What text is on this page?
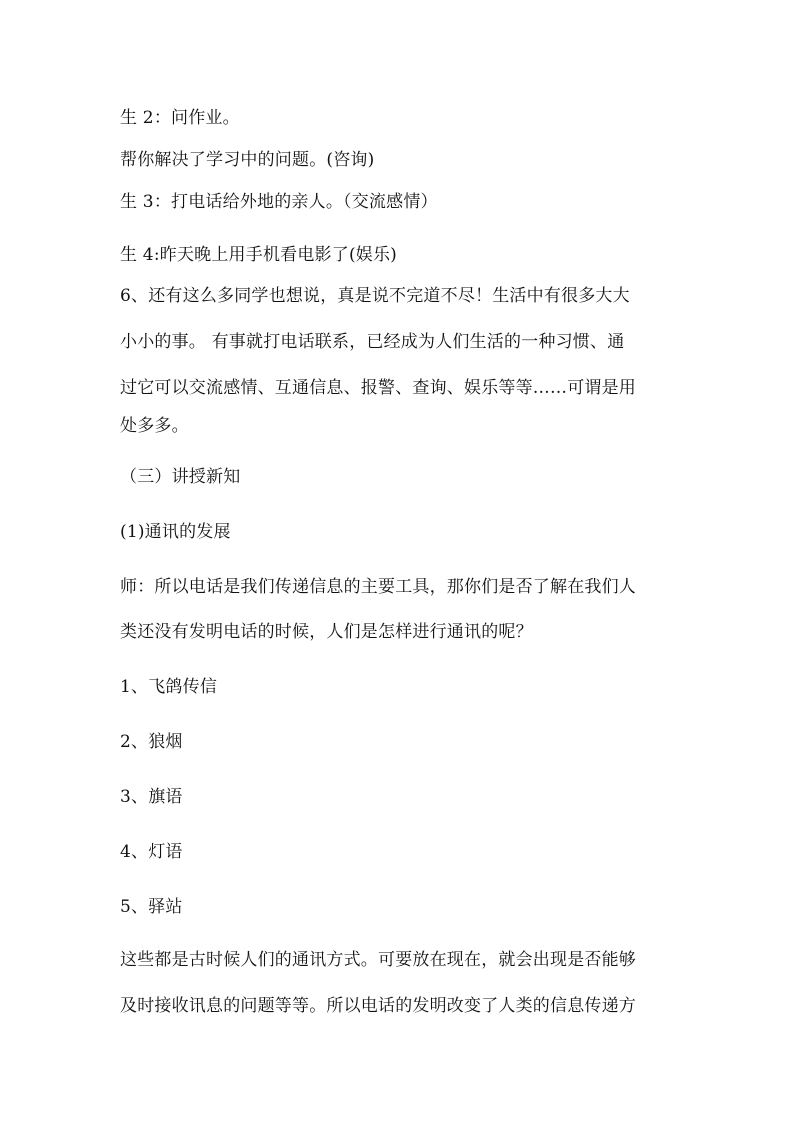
生 2：问作业。
帮你解决了学习中的问题。(咨询)
生 3：打电话给外地的亲人。（交流感情）
生 4:昨天晚上用手机看电影了(娱乐)
6、还有这么多同学也想说，真是说不完道不尽！生活中有很多大大
小小的事。 有事就打电话联系，已经成为人们生活的一种习惯、通
过它可以交流感情、互通信息、报警、查询、娱乐等等……可谓是用
处多多。
（三）讲授新知
(1)通讯的发展
师：所以电话是我们传递信息的主要工具，那你们是否了解在我们人
类还没有发明电话的时候，人们是怎样进行通讯的呢？
1、飞鸽传信
2、狼烟
3、旗语
4、灯语
5、驿站
这些都是古时候人们的通讯方式。可要放在现在，就会出现是否能够
及时接收讯息的问题等等。所以电话的发明改变了人类的信息传递方
